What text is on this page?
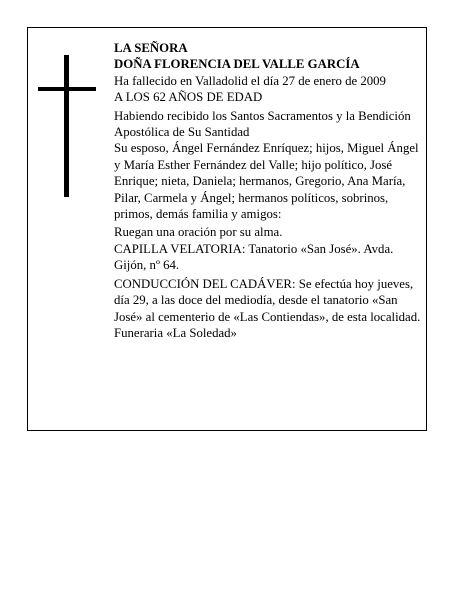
LA SEÑORA

DOÑA FLORENCIA DEL VALLE GARCÍA

Ha fallecido en Valladolid el día 27 de enero de 2009

A LOS 62 AÑOS DE EDAD

Habiendo recibido los Santos Sacramentos y la Bendición Apostólica de Su Santidad

Su esposo, Ángel Fernández Enríquez; hijos, Miguel Ángel y María Esther Fernández del Valle; hijo político, José Enrique; nieta, Daniela; hermanos, Gregorio, Ana María, Pilar, Carmela y Ángel; hermanos políticos, sobrinos, primos, demás familia y amigos:

Ruegan una oración por su alma.

CAPILLA VELATORIA: Tanatorio «San José». Avda. Gijón, nº 64.

CONDUCCIÓN DEL CADÁVER: Se efectúa hoy jueves, día 29, a las doce del mediodía, desde el tanatorio «San José» al cementerio de «Las Contiendas», de esta localidad.

Funeraria «La Soledad»
